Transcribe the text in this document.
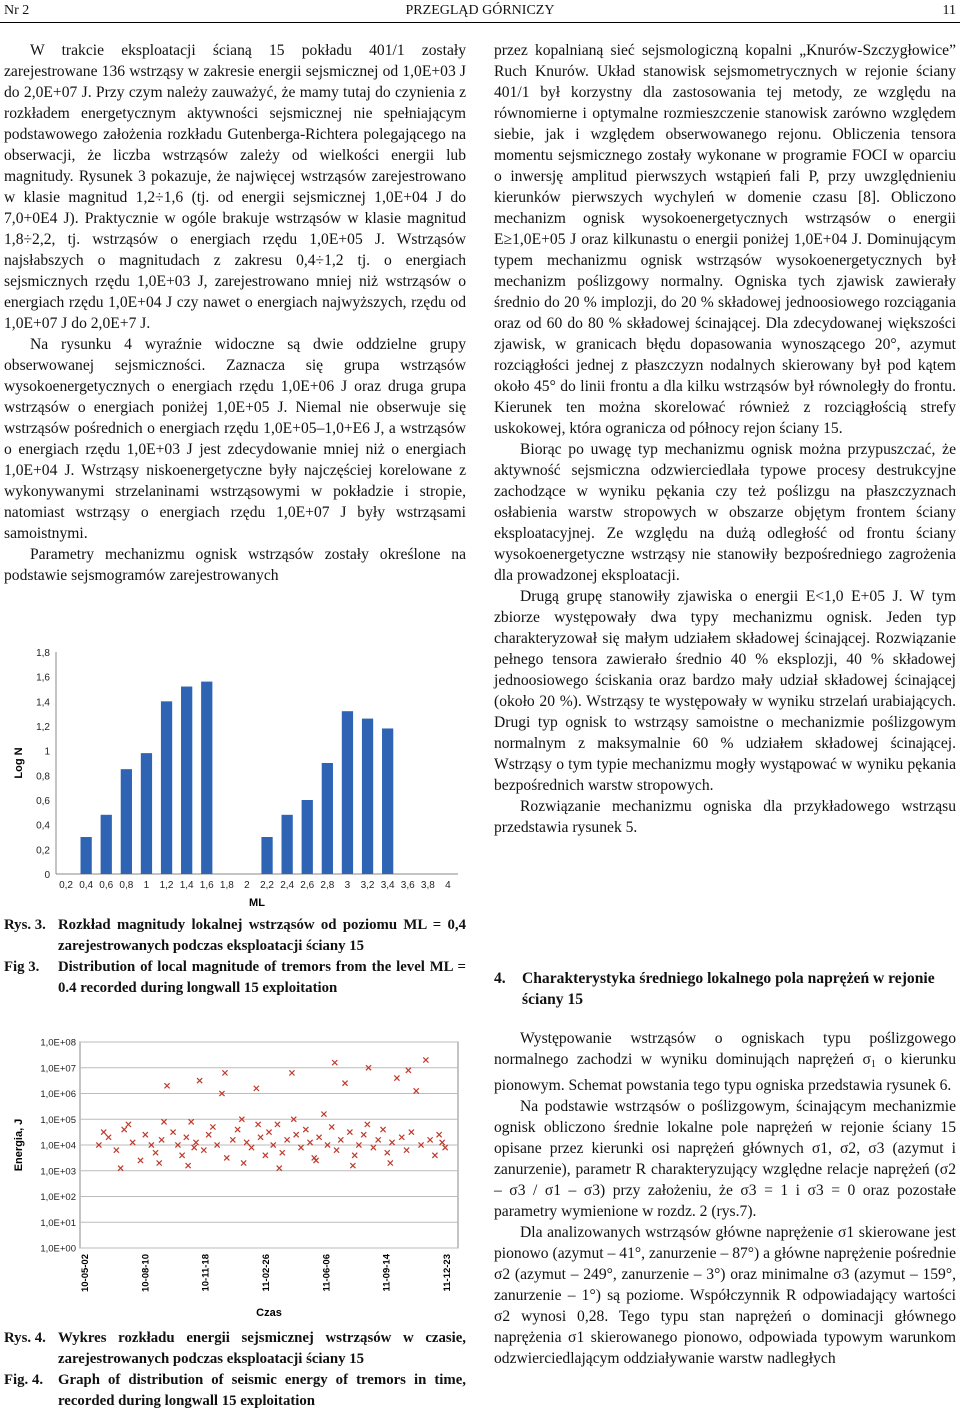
Nr 2	PRZEGLĄD GÓRNICZY	11

W trakcie eksploatacji ścianą 15 pokładu 401/1 zostały zarejestrowane 136 wstrząsy w zakresie energii sejsmicznej od 1,0E+03 J do 2,0E+07 J. Przy czym należy zauważyć, że mamy tutaj do czynienia z rozkładem energetycznym aktywności sejsmicznej nie spełniającym podstawowego założenia rozkładu Gutenberga-Richtera polegającego na obserwacji, że liczba wstrząsów zależy od wielkości energii lub magnitudy. Rysunek 3 pokazuje, że najwięcej wstrząsów zarejestrowano w klasie magnitud 1,2÷1,6 (tj. od energii sejsmicznej 1,0E+04 J do 7,0+0E4 J). Praktycznie w ogóle brakuje wstrząsów w klasie magnitud 1,8÷2,2, tj. wstrząsów o energiach rzędu 1,0E+05 J. Wstrząsów najsłabszych o magnitudach z zakresu 0,4÷1,2 tj. o energiach sejsmicznych rzędu 1,0E+03 J, zarejestrowano mniej niż wstrząsów o energiach rzędu 1,0E+04 J czy nawet o energiach najwyższych, rzędu od 1,0E+07 J do 2,0E+7 J.

Na rysunku 4 wyraźnie widoczne są dwie oddzielne grupy obserwowanej sejsmiczności. Zaznacza się grupa wstrząsów wysokoenergetycznych o energiach rzędu 1,0E+06 J oraz druga grupa wstrząsów o energiach poniżej 1,0E+05 J. Niemal nie obserwuje się wstrząsów pośrednich o energiach rzędu 1,0E+05–1,0+E6 J, a wstrząsów o energiach rzędu 1,0E+03 J jest zdecydowanie mniej niż o energiach 1,0E+04 J. Wstrząsy niskoenergetyczne były najczęściej korelowane z wykonywanymi strzelaninami wstrząsowymi w pokładzie i stropie, natomiast wstrząsy o energiach rzędu 1,0E+07 J były wstrząsami samoistnymi.

Parametry mechanizmu ognisk wstrząsów zostały określone na podstawie sejsmogramów zarejestrowanych

0
0,2
0,4
0,6
0,8
1
1,2
1,4
1,6
1,8
0,2 0,4 0,6 0,8 1 1,2 1,4 1,6 1,8 2 2,2 2,4 2,6 2,8 3 3,2 3,4 3,6 3,8 4
Log N
ML
Rys. 3. Rozkład magnitudy lokalnej wstrząsów od poziomu ML = 0,4 zarejestrowanych podczas eksploatacji ściany 15
Fig 3.	Distribution of local magnitude of tremors from the level ML = 0.4 recorded during longwall 15 exploitation
1,0E+00
1,0E+01
1,0E+02
1,0E+03
1,0E+04
1,0E+05
1,0E+06
1,0E+07
1,0E+08
10-05-02	10-08-10	10-11-18	11-02-26	11-06-06	11-09-14	11-12-23
Energia, J
Czas
Rys. 4. Wykres rozkładu energii sejsmicznej wstrząsów w czasie, zarejestrowanych podczas eksploatacji ściany 15
Fig. 4.	Graph of distribution of seismic energy of tremors in time, recorded during longwall 15 exploitation

przez kopalnianą sieć sejsmologiczną kopalni „Knurów-Szczygłowice” Ruch Knurów. Układ stanowisk sejsmometrycznych w rejonie ściany 401/1 był korzystny dla zastosowania tej metody, ze względu na równomierne i optymalne rozmieszczenie stanowisk zarówno względem siebie, jak i względem obserwowanego rejonu. Obliczenia tensora momentu sejsmicznego zostały wykonane w programie FOCI w oparciu o inwersję amplitud pierwszych wstąpień fali P, przy uwzględnieniu kierunków pierwszych wychyleń w domenie czasu [8]. Obliczono mechanizm ognisk wysokoenergetycznych wstrząsów o energii E≥1,0E+05 J oraz kilkunastu o energii poniżej 1,0E+04 J. Dominującym typem mechanizmu ognisk wstrząsów wysokoenergetycznych był mechanizm poślizgowy normalny. Ogniska tych zjawisk zawierały średnio do 20 % implozji, do 20 % składowej jednoosiowego rozciągania oraz od 60 do 80 % składowej ścinającej. Dla zdecydowanej większości zjawisk, w granicach błędu dopasowania wynoszącego 20°, azymut rozciągłości jednej z płaszczyzn nodalnych skierowany był pod kątem około 45° do linii frontu a dla kilku wstrząsów był równoległy do frontu. Kierunek ten można skorelować również z rozciągłością strefy uskokowej, która ogranicza od północy rejon ściany 15.

Biorąc po uwagę typ mechanizmu ognisk można przypuszczać, że aktywność sejsmiczna odzwierciedlała typowe procesy destrukcyjne zachodzące w wyniku pękania czy też poślizgu na płaszczyznach osłabienia warstw stropowych w obszarze objętym frontem ściany eksploatacyjnej. Ze względu na dużą odległość od frontu ściany wysokoenergetyczne wstrząsy nie stanowiły bezpośredniego zagrożenia dla prowadzonej eksploatacji.

Drugą grupę stanowiły zjawiska o energii E<1,0 E+05 J. W tym zbiorze występowały dwa typy mechanizmu ognisk. Jeden typ charakteryzował się małym udziałem składowej ścinającej. Rozwiązanie pełnego tensora zawierało średnio 40 % eksplozji, 40 % składowej jednoosiowego ściskania oraz bardzo mały udział składowej ścinającej (około 20 %). Wstrząsy te występowały w wyniku strzelań urabiających. Drugi typ ognisk to wstrząsy samoistne o mechanizmie poślizgowym normalnym z maksymalnie 60 % udziałem składowej ścinającej. Wstrząsy o tym typie mechanizmu mogły wystąpować w wyniku pękania bezpośrednich warstw stropowych.

Rozwiązanie mechanizmu ogniska dla przykładowego wstrząsu przedstawia rysunek 5.

4.	Charakterystyka średniego lokalnego pola naprężeń w rejonie ściany 15

Występowanie wstrząsów o ogniskach typu poślizgowego normalnego zachodzi w wyniku dominująch naprężeń $\sigma_1$ o kierunku pionowym. Schemat powstania tego typu ogniska przedstawia rysunek 6.

Na podstawie wstrząsów o poślizgowym, ścinającym mechanizmie ognisk obliczono średnie lokalne pole naprężeń w rejonie ściany 15 opisane przez kierunki osi naprężeń głównych σ1, σ2, σ3 (azymut i zanurzenie), parametr R charakteryzujący względne relacje naprężeń (σ2 – σ3 / σ1 – σ3) przy założeniu, że σ3 = 1 i σ3 = 0 oraz pozostałe parametry wymienione w rozdz. 2 (rys.7).

Dla analizowanych wstrząsów główne naprężenie σ1 skierowane jest pionowo (azymut – 41°, zanurzenie – 87°) a główne naprężenie pośrednie σ2 (azymut – 249°, zanurzenie – 3°) oraz minimalne σ3 (azymut – 159°, zanurzenie – 1°) są poziome. Współczynnik R odpowiadający wartości σ2 wynosi 0,28. Tego typu stan naprężeń o dominacji głównego naprężenia σ1 skierowanego pionowo, odpowiada typowym warunkom odzwierciedlającym oddziaływanie warstw nadległych
